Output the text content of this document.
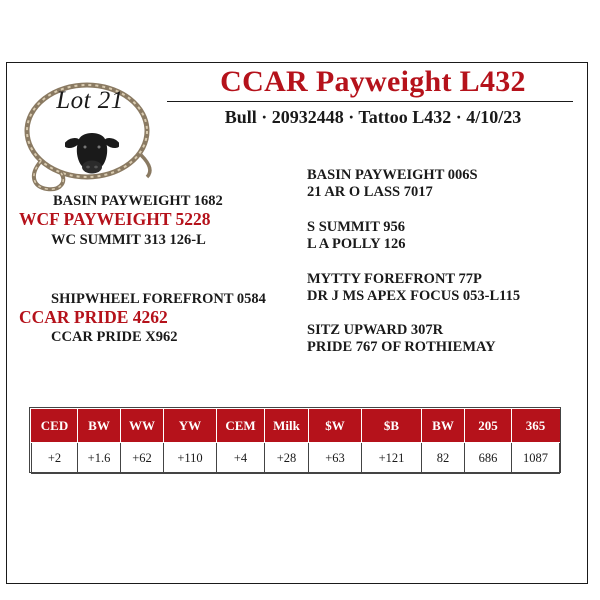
Lot 21
CCAR Payweight L432
Bull · 20932448 · Tattoo L432 · 4/10/23
BASIN PAYWEIGHT 1682
WCF PAYWEIGHT 5228
WC SUMMIT 313 126-L
BASIN PAYWEIGHT 006S
21 AR O LASS 7017
S SUMMIT 956
L A POLLY 126
SHIPWHEEL FOREFRONT 0584
CCAR PRIDE 4262
CCAR PRIDE X962
MYTTY FOREFRONT 77P
DR J MS APEX FOCUS 053-L115
SITZ UPWARD 307R
PRIDE 767 OF ROTHIEMAY
CED	BW	WW	YW	CEM	Milk	$W	$B	BW	205	365
+2	+1.6	+62	+110	+4	+28	+63	+121	82	686	1087
